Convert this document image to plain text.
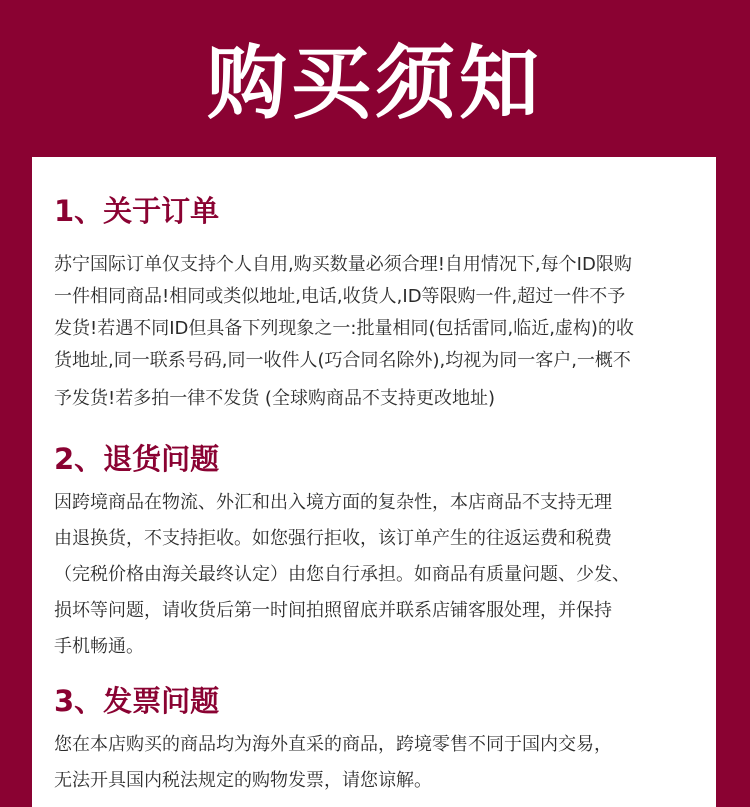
购买须知
1、关于订单
苏宁国际订单仅支持个人自用,购买数量必须合理!自用情况下,每个ID限购
一件相同商品!相同或类似地址,电话,收货人,ID等限购一件,超过一件不予
发货!若遇不同ID但具备下列现象之一:批量相同(包括雷同,临近,虚构)的收
货地址,同一联系号码,同一收件人(巧合同名除外),均视为同一客户,一概不
予发货!若多拍一律不发货 (全球购商品不支持更改地址)
2、退货问题
因跨境商品在物流、外汇和出入境方面的复杂性，本店商品不支持无理
由退换货，不支持拒收。如您强行拒收，该订单产生的往返运费和税费
（完税价格由海关最终认定）由您自行承担。如商品有质量问题、少发、
损坏等问题，请收货后第一时间拍照留底并联系店铺客服处理，并保持
手机畅通。
3、发票问题
您在本店购买的商品均为海外直采的商品，跨境零售不同于国内交易，
无法开具国内税法规定的购物发票，请您谅解。
